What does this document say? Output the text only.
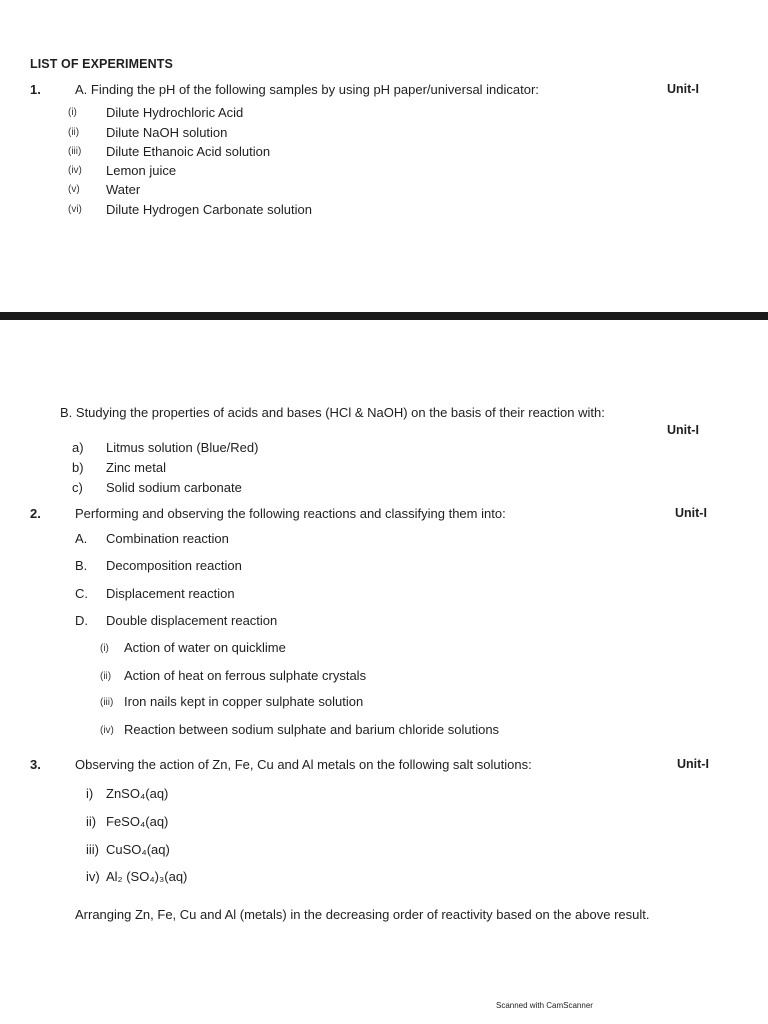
LIST OF EXPERIMENTS
1.	A. Finding the pH of the following samples by using pH paper/universal indicator:	Unit-I
(i) Dilute Hydrochloric Acid
(ii) Dilute NaOH solution
(iii) Dilute Ethanoic Acid solution
(iv) Lemon juice
(v) Water
(vi) Dilute Hydrogen Carbonate solution
B. Studying the properties of acids and bases (HCl & NaOH) on the basis of their reaction with:
Unit-I
a) Litmus solution (Blue/Red)
b) Zinc metal
c) Solid sodium carbonate
2.	Performing and observing the following reactions and classifying them into:	Unit-I
A. Combination reaction
B. Decomposition reaction
C. Displacement reaction
D. Double displacement reaction
(i) Action of water on quicklime
(ii) Action of heat on ferrous sulphate crystals
(iii) Iron nails kept in copper sulphate solution
(iv) Reaction between sodium sulphate and barium chloride solutions
3.	Observing the action of Zn, Fe, Cu and Al metals on the following salt solutions:	Unit-I
i) ZnSO₄(aq)
ii) FeSO₄(aq)
iii) CuSO₄(aq)
iv) Al₂ (SO₄)₃(aq)
Arranging Zn, Fe, Cu and Al (metals) in the decreasing order of reactivity based on the above result.
Scanned with CamScanner
